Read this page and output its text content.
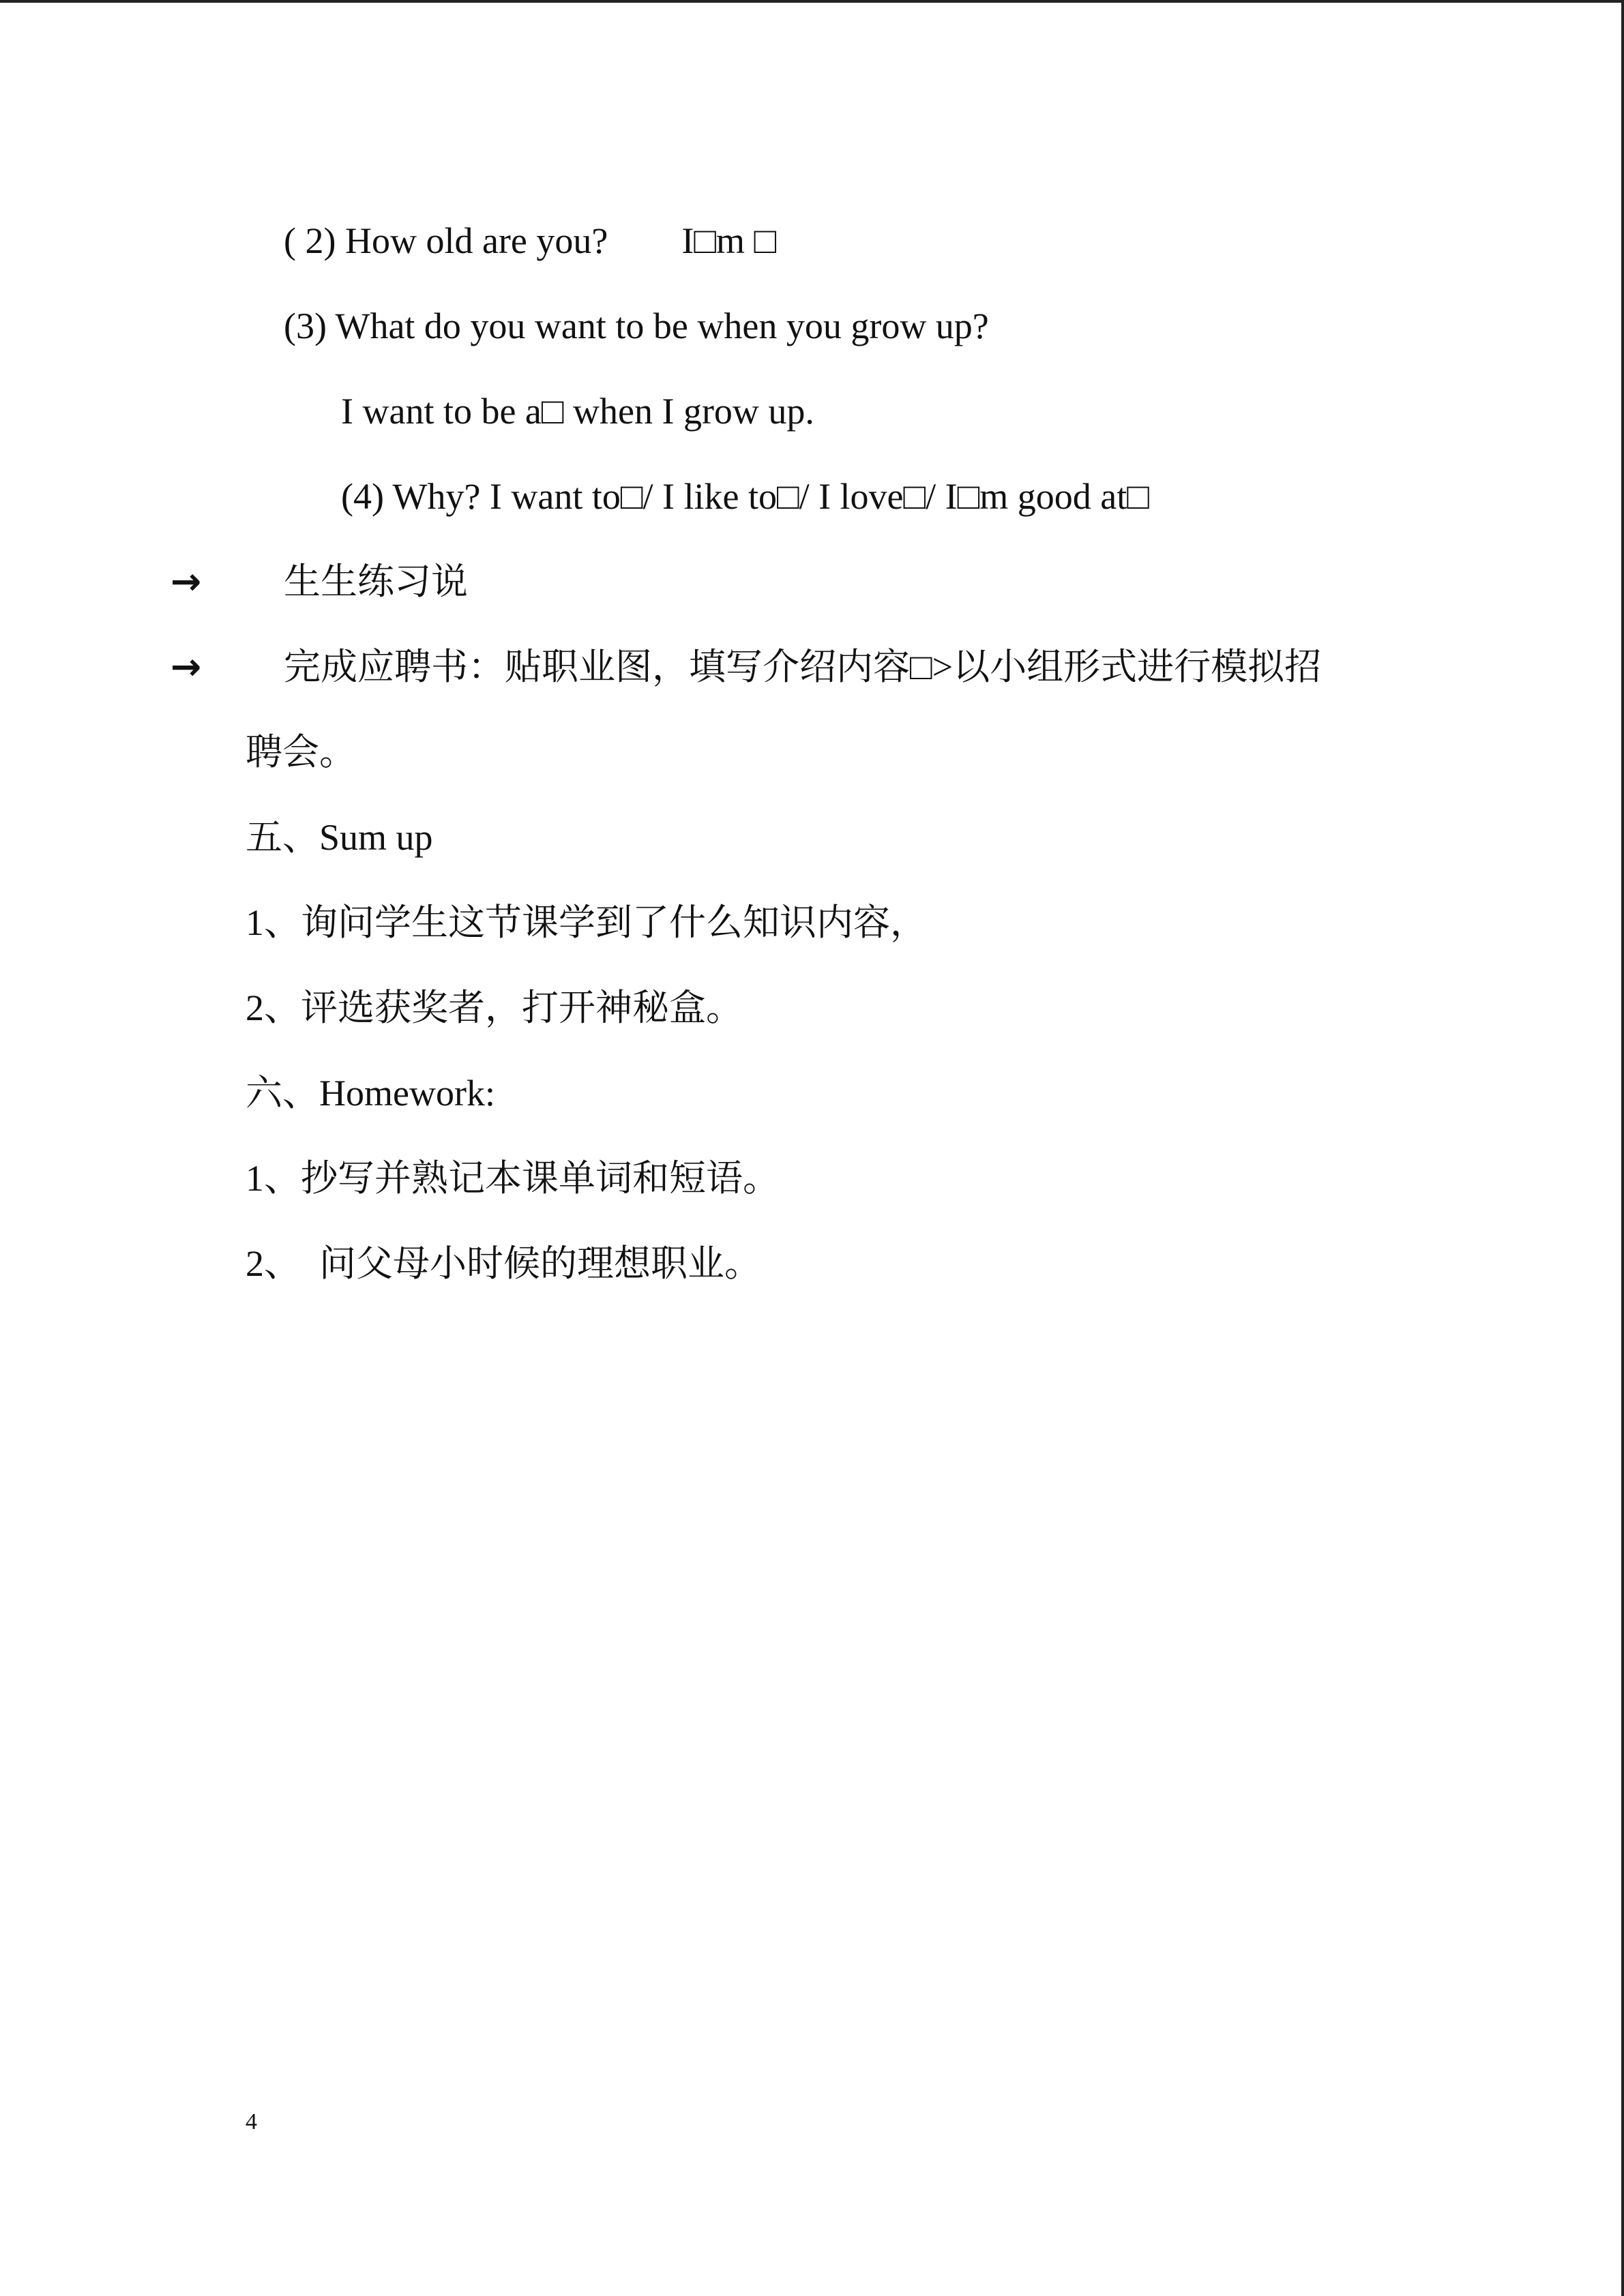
( 2) How old are you?        I□m □
(3) What do you want to be when you grow up?
I want to be a□ when I grow up.
(4) Why? I want to□/ I like to□/ I love□/ I□m good at□
→ 生生练习说
→ 完成应聘书：贴职业图，填写介绍内容□>以小组形式进行模拟招
聘会。
五、Sum up
1、询问学生这节课学到了什么知识内容，
2、评选获奖者，打开神秘盒。
六、Homework:
1、抄写并熟记本课单词和短语。
2、  问父母小时候的理想职业。
4
